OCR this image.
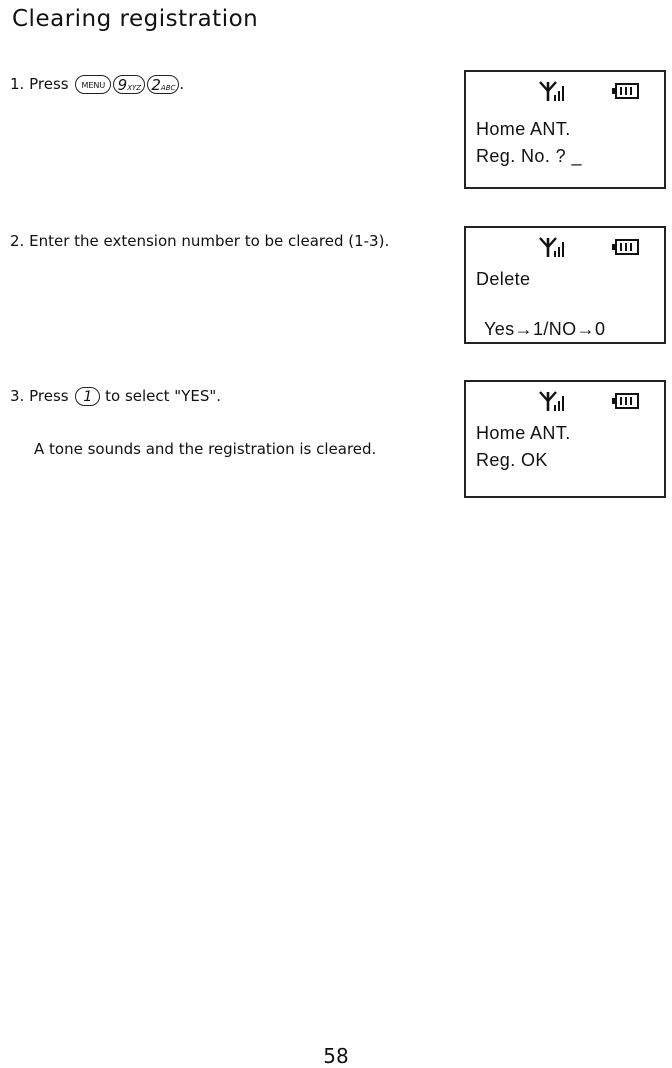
Clearing registration
1. Press MENU 9XYZ 2ABC .
2. Enter the extension number to be cleared (1-3).
3. Press 1 to select "YES".
A tone sounds and the registration is cleared.
Home ANT.
Reg. No. ? _
Delete
Yes→1/NO→0
Home ANT.
Reg. OK
58
